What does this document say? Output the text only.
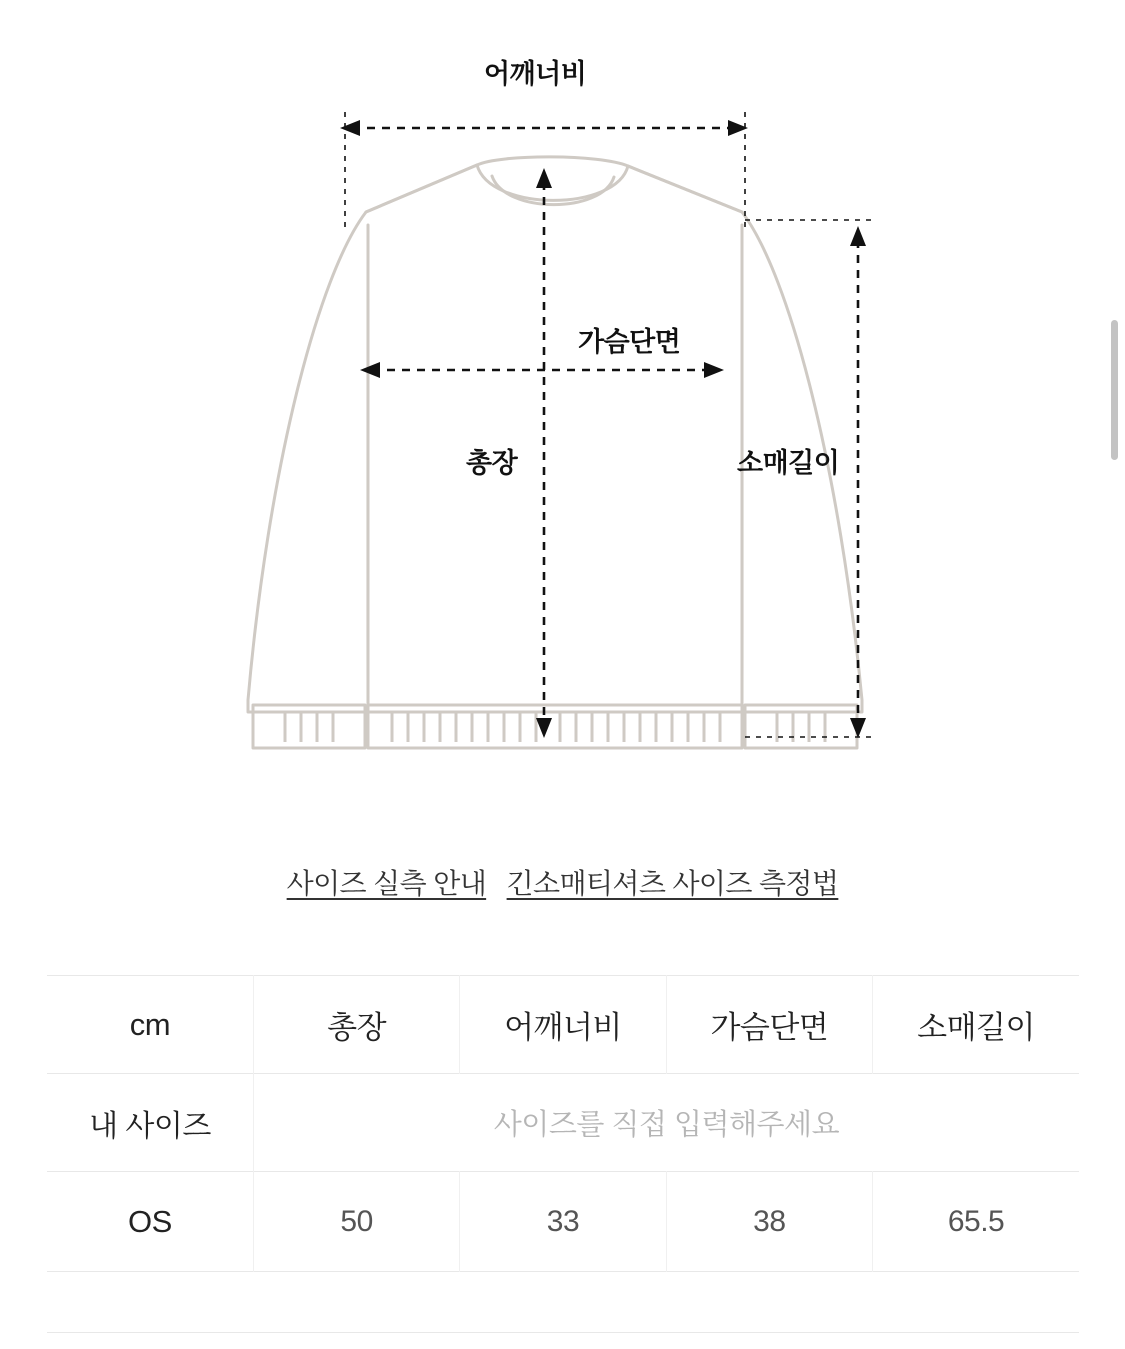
어깨너비
가슴단면
총장	소매길이
사이즈 실측 안내 긴소매티셔츠 사이즈 측정법
cm	총장	어깨너비	가슴단면	소매길이
내 사이즈	사이즈를 직접 입력해주세요			
OS	50	33	38	65.5
